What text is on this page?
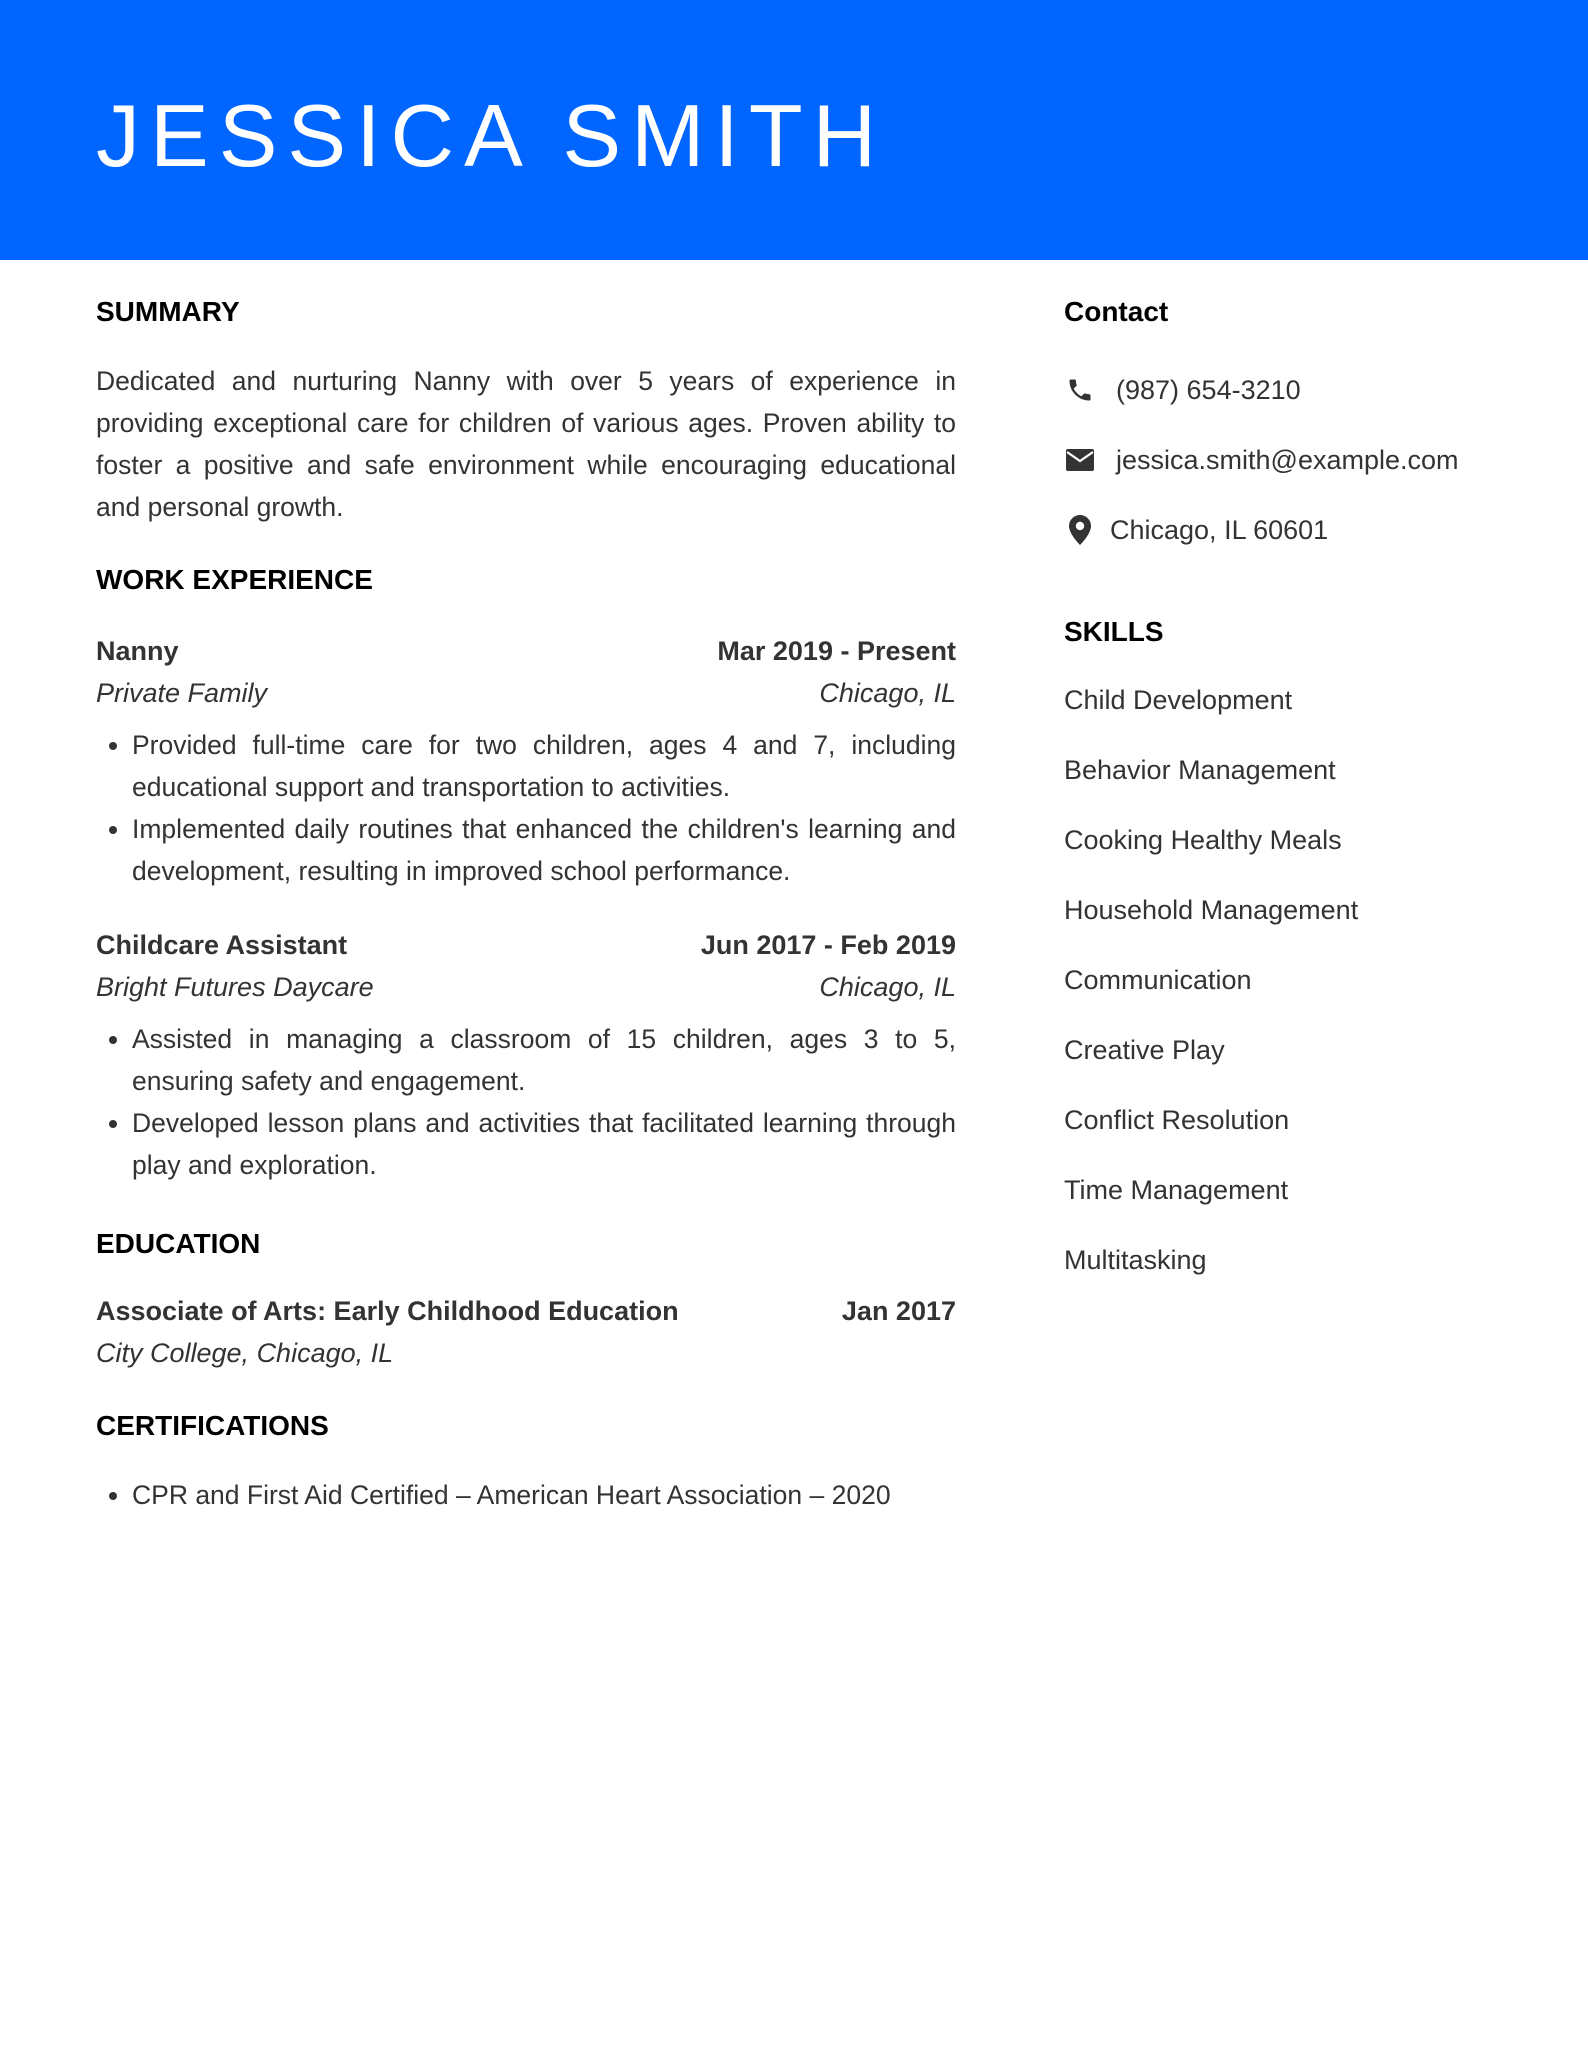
JESSICA SMITH
SUMMARY

Dedicated and nurturing Nanny with over 5 years of experience in providing exceptional care for children of various ages. Proven ability to foster a positive and safe environment while encouraging educational and personal growth.

WORK EXPERIENCE
Nanny	Mar 2019 - Present
Private Family	Chicago, IL
• Provided full-time care for two children, ages 4 and 7, including educational support and transportation to activities.
• Implemented daily routines that enhanced the children's learning and development, resulting in improved school performance.
Childcare Assistant	Jun 2017 - Feb 2019
Bright Futures Daycare	Chicago, IL
• Assisted in managing a classroom of 15 children, ages 3 to 5, ensuring safety and engagement.
• Developed lesson plans and activities that facilitated learning through play and exploration.
EDUCATION
Associate of Arts: Early Childhood Education	Jan 2017
City College, Chicago, IL
CERTIFICATIONS
• CPR and First Aid Certified – American Heart Association – 2020
Contact
(987) 654-3210
jessica.smith@example.com
Chicago, IL 60601
SKILLS
Child Development
Behavior Management
Cooking Healthy Meals
Household Management
Communication
Creative Play
Conflict Resolution
Time Management
Multitasking
